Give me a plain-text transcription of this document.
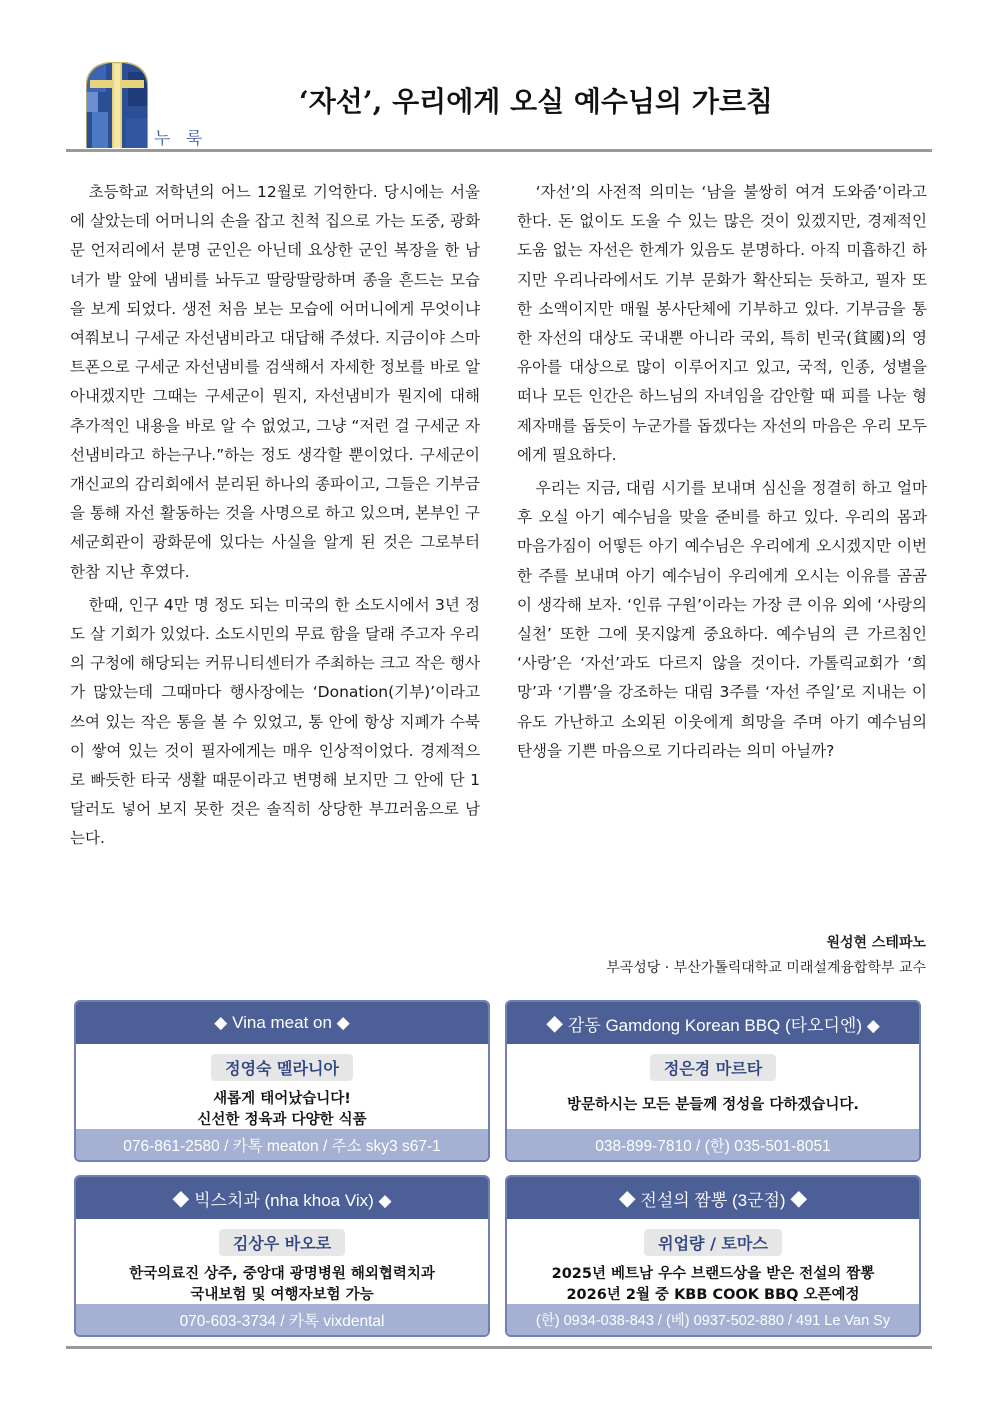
누 룩
‘자선’, 우리에게 오실 예수님의 가르침

초등학교 저학년의 어느 12월로 기억한다. 당시에는 서울에 살았는데 어머니의 손을 잡고 친척 집으로 가는 도중, 광화문 언저리에서 분명 군인은 아닌데 요상한 군인 복장을 한 남녀가 발 앞에 냄비를 놔두고 딸랑딸랑하며 종을 흔드는 모습을 보게 되었다. 생전 처음 보는 모습에 어머니에게 무엇이냐 여쭤보니 구세군 자선냄비라고 대답해 주셨다. 지금이야 스마트폰으로 구세군 자선냄비를 검색해서 자세한 정보를 바로 알아내겠지만 그때는 구세군이 뭔지, 자선냄비가 뭔지에 대해 추가적인 내용을 바로 알 수 없었고, 그냥 “저런 걸 구세군 자선냄비라고 하는구나.”하는 정도 생각할 뿐이었다. 구세군이 개신교의 감리회에서 분리된 하나의 종파이고, 그들은 기부금을 통해 자선 활동하는 것을 사명으로 하고 있으며, 본부인 구세군회관이 광화문에 있다는 사실을 알게 된 것은 그로부터 한참 지난 후였다.

한때, 인구 4만 명 정도 되는 미국의 한 소도시에서 3년 정도 살 기회가 있었다. 소도시민의 무료 함을 달래 주고자 우리의 구청에 해당되는 커뮤니티센터가 주최하는 크고 작은 행사가 많았는데 그때마다 행사장에는 ‘Donation(기부)’이라고 쓰여 있는 작은 통을 볼 수 있었고, 통 안에 항상 지폐가 수북이 쌓여 있는 것이 필자에게는 매우 인상적이었다. 경제적으로 빠듯한 타국 생활 때문이라고 변명해 보지만 그 안에 단 1달러도 넣어 보지 못한 것은 솔직히 상당한 부끄러움으로 남는다.

‘자선’의 사전적 의미는 ‘남을 불쌍히 여겨 도와줌’이라고 한다. 돈 없이도 도울 수 있는 많은 것이 있겠지만, 경제적인 도움 없는 자선은 한계가 있음도 분명하다. 아직 미흡하긴 하지만 우리나라에서도 기부 문화가 확산되는 듯하고, 필자 또한 소액이지만 매월 봉사단체에 기부하고 있다. 기부금을 통한 자선의 대상도 국내뿐 아니라 국외, 특히 빈국(貧國)의 영유아를 대상으로 많이 이루어지고 있고, 국적, 인종, 성별을 떠나 모든 인간은 하느님의 자녀임을 감안할 때 피를 나눈 형제자매를 돕듯이 누군가를 돕겠다는 자선의 마음은 우리 모두에게 필요하다.

우리는 지금, 대림 시기를 보내며 심신을 정결히 하고 얼마 후 오실 아기 예수님을 맞을 준비를 하고 있다. 우리의 몸과 마음가짐이 어떻든 아기 예수님은 우리에게 오시겠지만 이번 한 주를 보내며 아기 예수님이 우리에게 오시는 이유를 곰곰이 생각해 보자. ‘인류 구원’이라는 가장 큰 이유 외에 ‘사랑의 실천’ 또한 그에 못지않게 중요하다. 예수님의 큰 가르침인 ‘사랑’은 ‘자선’과도 다르지 않을 것이다. 가톨릭교회가 ‘희망’과 ‘기쁨’을 강조하는 대림 3주를 ‘자선 주일’로 지내는 이유도 가난하고 소외된 이웃에게 희망을 주며 아기 예수님의 탄생을 기쁜 마음으로 기다리라는 의미 아닐까?

원성현 스테파노
부곡성당 · 부산가톨릭대학교 미래설계융합학부 교수
◆ Vina meat on ◆
정영숙 멜라니아
새롭게 태어났습니다!
신선한 정육과 다양한 식품
076-861-2580 / 카톡 meaton / 주소 sky3 s67-1
◆ 감동 Gamdong Korean BBQ (타오디엔) ◆
정은경 마르타
방문하시는 모든 분들께 정성을 다하겠습니다.
038-899-7810 / (한) 035-501-8051
◆ 빅스치과 (nha khoa Vix) ◆
김상우 바오로
한국의료진 상주, 중앙대 광명병원 해외협력치과
국내보험 및 여행자보험 가능
070-603-3734 / 카톡 vixdental
◆ 전설의 짬뽕 (3군점) ◆
위업량 / 토마스
2025년 베트남 우수 브랜드상을 받은 전설의 짬뽕
2026년 2월 중 KBB COOK BBQ 오픈예정
(한) 0934-038-843 / (베) 0937-502-880 / 491 Le Van Sy
